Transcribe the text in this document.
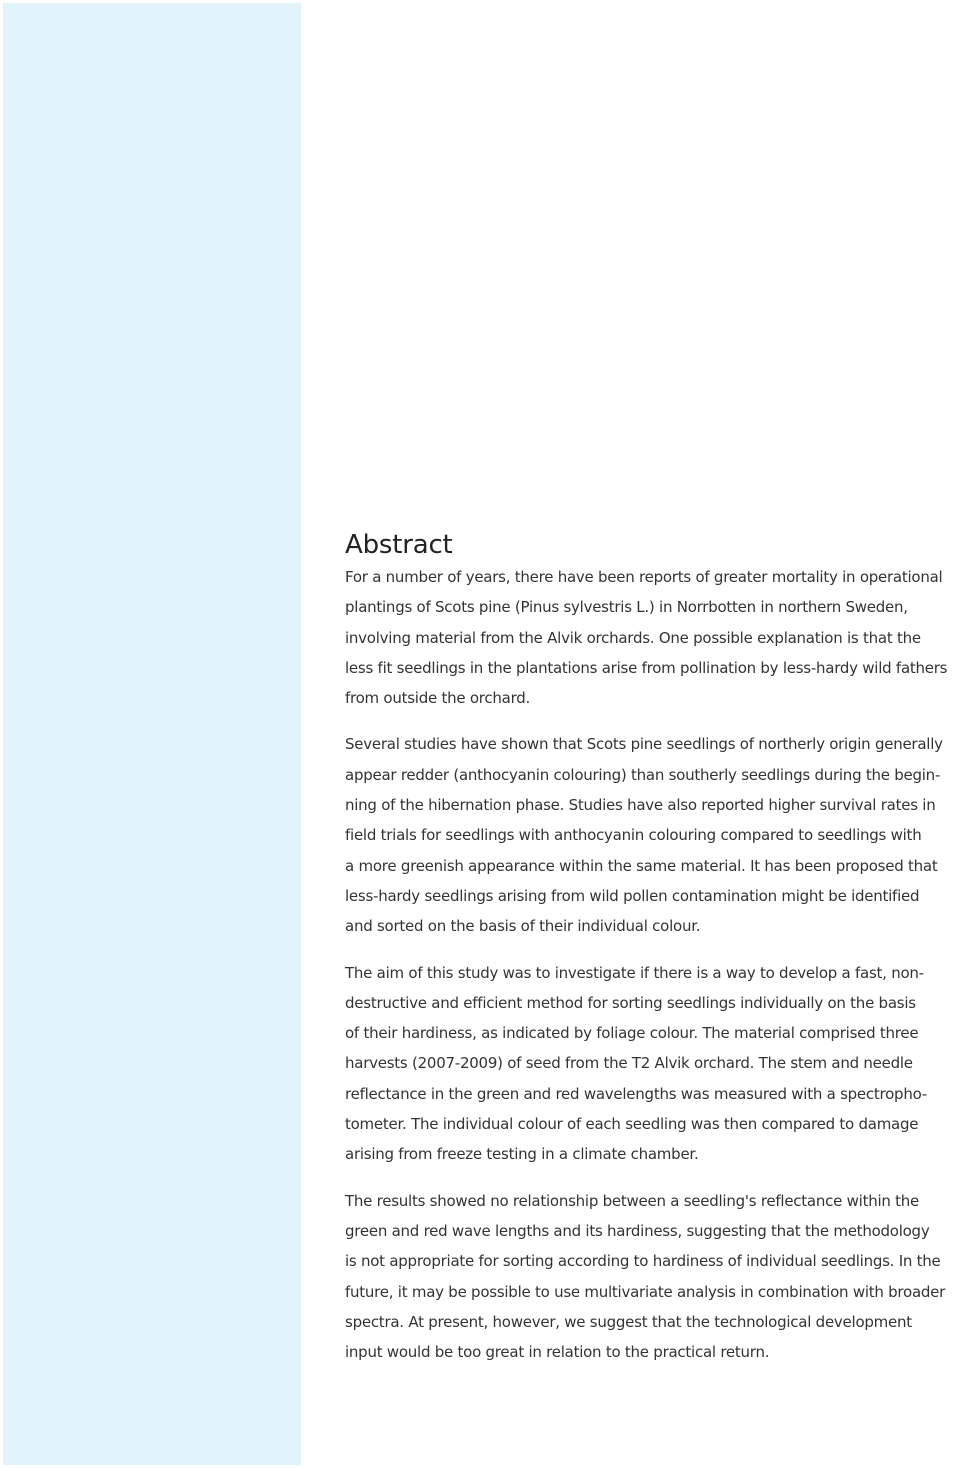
Abstract

For a number of years, there have been reports of greater mortality in operational
plantings of Scots pine (Pinus sylvestris L.) in Norrbotten in northern Sweden,
involving material from the Alvik orchards. One possible explanation is that the
less fit seedlings in the plantations arise from pollination by less-hardy wild fathers
from outside the orchard.

Several studies have shown that Scots pine seedlings of northerly origin generally
appear redder (anthocyanin colouring) than southerly seedlings during the begin-
ning of the hibernation phase. Studies have also reported higher survival rates in
field trials for seedlings with anthocyanin colouring compared to seedlings with
a more greenish appearance within the same material. It has been proposed that
less-hardy seedlings arising from wild pollen contamination might be identified
and sorted on the basis of their individual colour.

The aim of this study was to investigate if there is a way to develop a fast, non-
destructive and efficient method for sorting seedlings individually on the basis
of their hardiness, as indicated by foliage colour. The material comprised three
harvests (2007-2009) of seed from the T2 Alvik orchard. The stem and needle
reflectance in the green and red wavelengths was measured with a spectropho-
tometer. The individual colour of each seedling was then compared to damage
arising from freeze testing in a climate chamber.

The results showed no relationship between a seedling's reflectance within the
green and red wave lengths and its hardiness, suggesting that the methodology
is not appropriate for sorting according to hardiness of individual seedlings. In the
future, it may be possible to use multivariate analysis in combination with broader
spectra. At present, however, we suggest that the technological development
input would be too great in relation to the practical return.
